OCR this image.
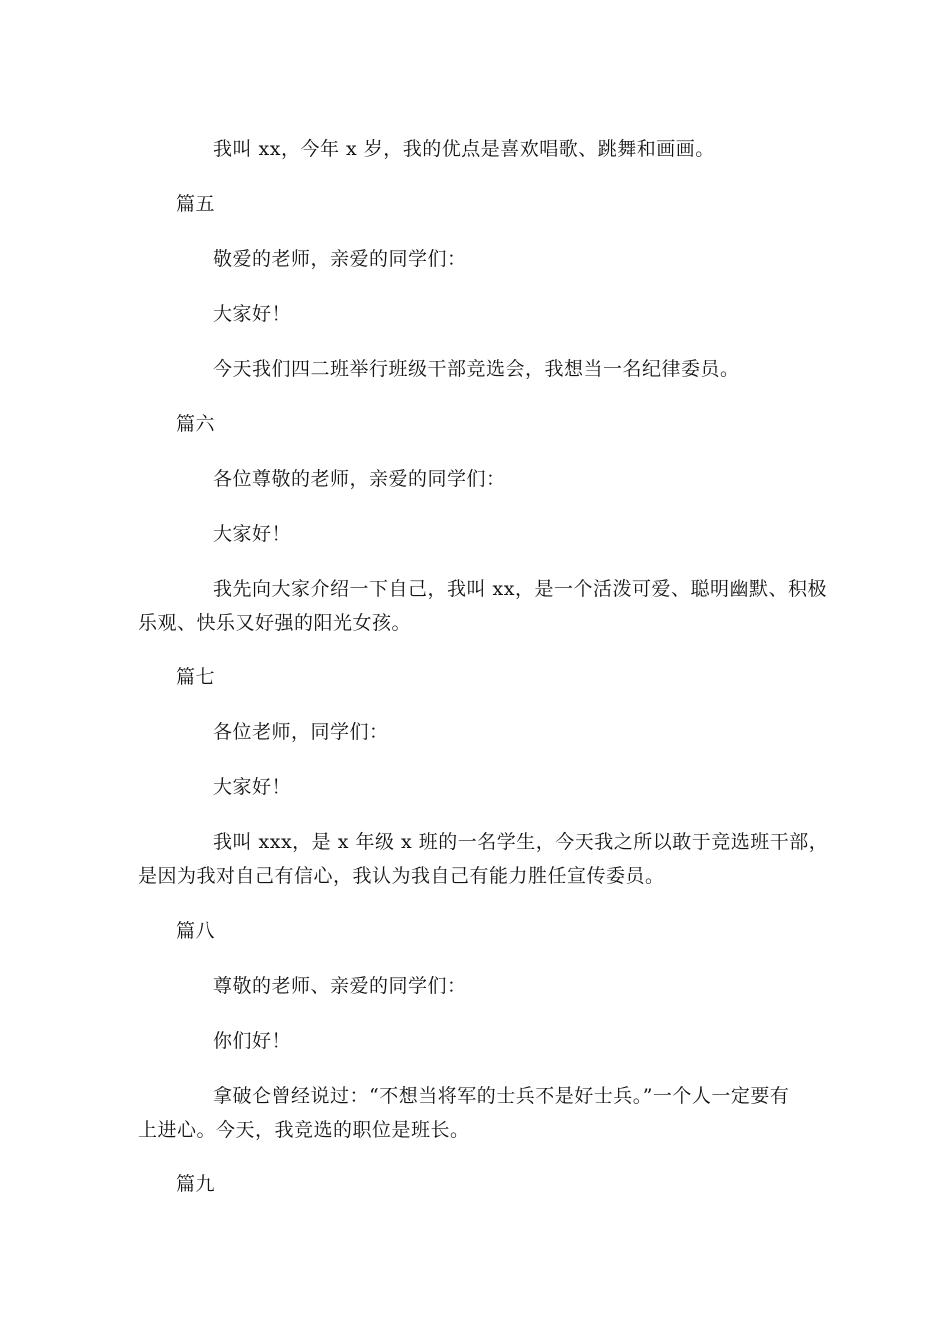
我叫 xx，今年 x 岁，我的优点是喜欢唱歌、跳舞和画画。
篇五
敬爱的老师，亲爱的同学们：
大家好！
今天我们四二班举行班级干部竞选会，我想当一名纪律委员。
篇六
各位尊敬的老师，亲爱的同学们：
大家好！
我先向大家介绍一下自己，我叫 xx，是一个活泼可爱、聪明幽默、积极
乐观、快乐又好强的阳光女孩。
篇七
各位老师，同学们：
大家好！
我叫 xxx，是 x 年级 x 班的一名学生，今天我之所以敢于竞选班干部，
是因为我对自己有信心，我认为我自己有能力胜任宣传委员。
篇八
尊敬的老师、亲爱的同学们：
你们好！
拿破仑曾经说过：“不想当将军的士兵不是好士兵。”一个人一定要有
上进心。今天，我竞选的职位是班长。
篇九
